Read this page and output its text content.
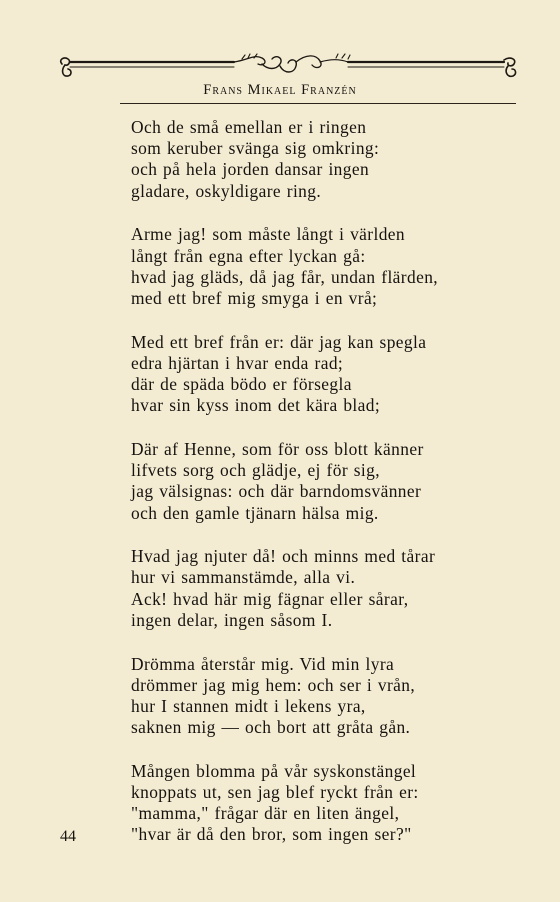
Frans Mikael Franzén
Och de små emellan er i ringen
som keruber svänga sig omkring:
och på hela jorden dansar ingen
gladare, oskyldigare ring.
Arme jag! som måste långt i världen
långt från egna efter lyckan gå:
hvad jag gläds, då jag får, undan flärden,
med ett bref mig smyga i en vrå;
Med ett bref från er: där jag kan spegla
edra hjärtan i hvar enda rad;
där de späda bödo er försegla
hvar sin kyss inom det kära blad;
Där af Henne, som för oss blott känner
lifvets sorg och glädje, ej för sig,
jag välsignas: och där barndomsvänner
och den gamle tjänarn hälsa mig.
Hvad jag njuter då! och minns med tårar
hur vi sammanstämde, alla vi.
Ack! hvad här mig fägnar eller sårar,
ingen delar, ingen såsom I.
Drömma återstår mig. Vid min lyra
drömmer jag mig hem: och ser i vrån,
hur I stannen midt i lekens yra,
saknen mig — och bort att gråta gån.
Mången blomma på vår syskonstängel
knoppats ut, sen jag blef ryckt från er:
"mamma," frågar där en liten ängel,
"hvar är då den bror, som ingen ser?"
44
